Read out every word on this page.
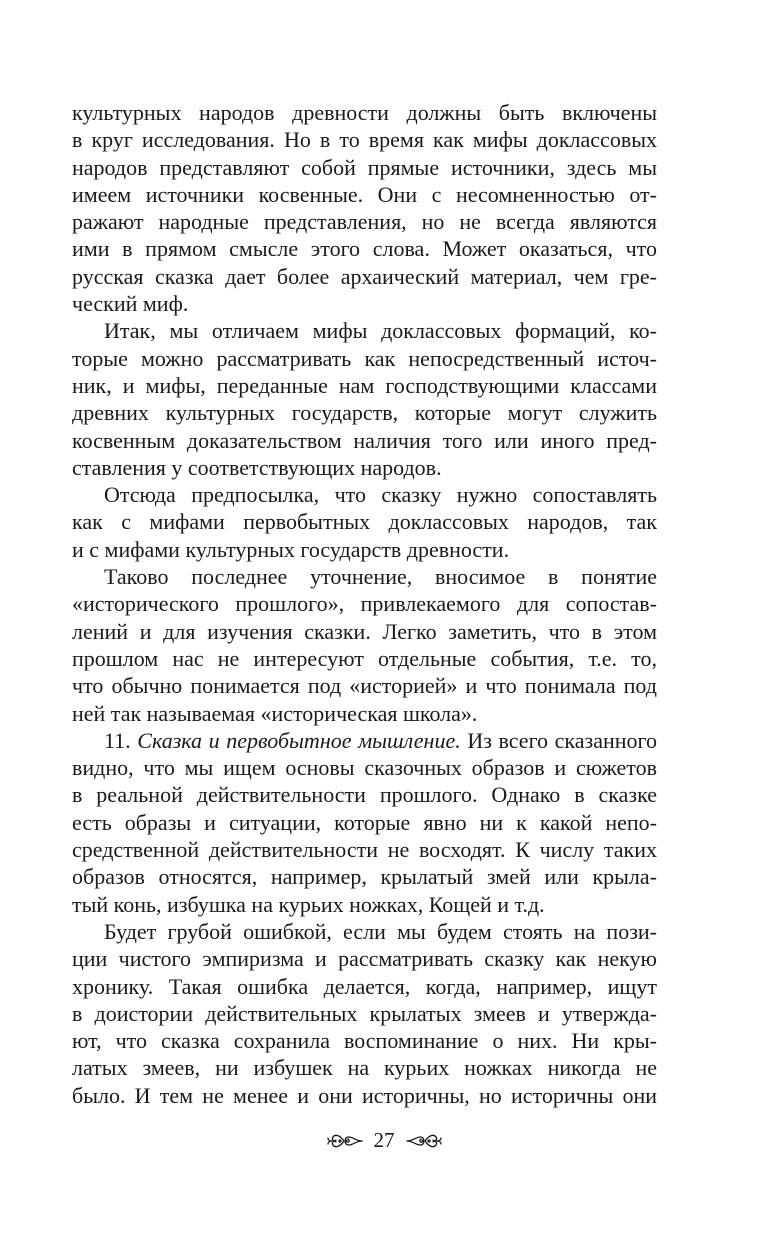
культурных народов древности должны быть включены
в круг исследования. Но в то время как мифы доклассовых
народов представляют собой прямые источники, здесь мы
имеем источники косвенные. Они с несомненностью от-
ражают народные представления, но не всегда являются
ими в прямом смысле этого слова. Может оказаться, что
русская сказка дает более архаический материал, чем гре-
ческий миф.
Итак, мы отличаем мифы доклассовых формаций, ко-
торые можно рассматривать как непосредственный источ-
ник, и мифы, переданные нам господствующими классами
древних культурных государств, которые могут служить
косвенным доказательством наличия того или иного пред-
ставления у соответствующих народов.
Отсюда предпосылка, что сказку нужно сопоставлять
как с мифами первобытных доклассовых народов, так
и с мифами культурных государств древности.
Таково последнее уточнение, вносимое в понятие
«исторического прошлого», привлекаемого для сопостав-
лений и для изучения сказки. Легко заметить, что в этом
прошлом нас не интересуют отдельные события, т.е. то,
что обычно понимается под «историей» и что понимала под
ней так называемая «историческая школа».
11. Сказка и первобытное мышление. Из всего сказанного
видно, что мы ищем основы сказочных образов и сюжетов
в реальной действительности прошлого. Однако в сказке
есть образы и ситуации, которые явно ни к какой непо-
средственной действительности не восходят. К числу таких
образов относятся, например, крылатый змей или крыла-
тый конь, избушка на курьих ножках, Кощей и т.д.
Будет грубой ошибкой, если мы будем стоять на пози-
ции чистого эмпиризма и рассматривать сказку как некую
хронику. Такая ошибка делается, когда, например, ищут
в доистории действительных крылатых змеев и утвержда-
ют, что сказка сохранила воспоминание о них. Ни кры-
латых змеев, ни избушек на курьих ножках никогда не
было. И тем не менее и они историчны, но историчны они
27
